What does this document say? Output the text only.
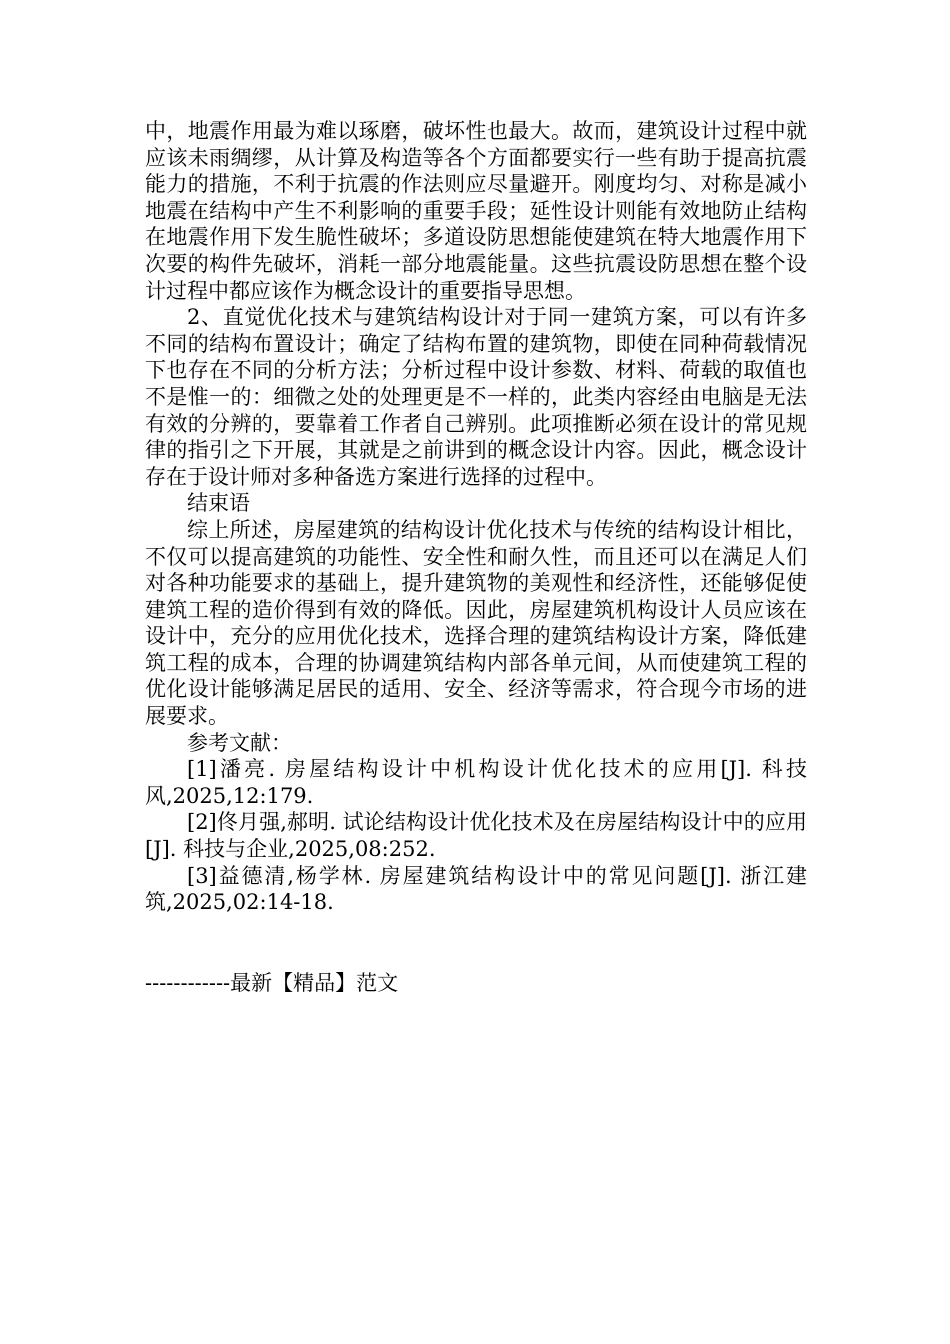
中，地震作用最为难以琢磨，破坏性也最大。故而，建筑设计过程中就应该未雨绸缪，从计算及构造等各个方面都要实行一些有助于提高抗震能力的措施，不利于抗震的作法则应尽量避开。刚度均匀、对称是减小地震在结构中产生不利影响的重要手段；延性设计则能有效地防止结构在地震作用下发生脆性破坏；多道设防思想能使建筑在特大地震作用下次要的构件先破坏，消耗一部分地震能量。这些抗震设防思想在整个设计过程中都应该作为概念设计的重要指导思想。

2、直觉优化技术与建筑结构设计对于同一建筑方案，可以有许多不同的结构布置设计；确定了结构布置的建筑物，即使在同种荷载情况下也存在不同的分析方法；分析过程中设计参数、材料、荷载的取值也不是惟一的：细微之处的处理更是不一样的，此类内容经由电脑是无法有效的分辨的，要靠着工作者自己辨别。此项推断必须在设计的常见规律的指引之下开展，其就是之前讲到的概念设计内容。因此，概念设计存在于设计师对多种备选方案进行选择的过程中。

结束语

综上所述，房屋建筑的结构设计优化技术与传统的结构设计相比，不仅可以提高建筑的功能性、安全性和耐久性，而且还可以在满足人们对各种功能要求的基础上，提升建筑物的美观性和经济性，还能够促使建筑工程的造价得到有效的降低。因此，房屋建筑机构设计人员应该在设计中，充分的应用优化技术，选择合理的建筑结构设计方案，降低建筑工程的成本，合理的协调建筑结构内部各单元间，从而使建筑工程的优化设计能够满足居民的适用、安全、经济等需求，符合现今市场的进展要求。

参考文献：

[1]潘亮. 房屋结构设计中机构设计优化技术的应用[J]. 科技风,2025,12:179.

[2]佟月强,郝明. 试论结构设计优化技术及在房屋结构设计中的应用[J]. 科技与企业,2025,08:252.

[3]益德清,杨学林. 房屋建筑结构设计中的常见问题[J]. 浙江建筑,2025,02:14-18.

------------最新【精品】范文
